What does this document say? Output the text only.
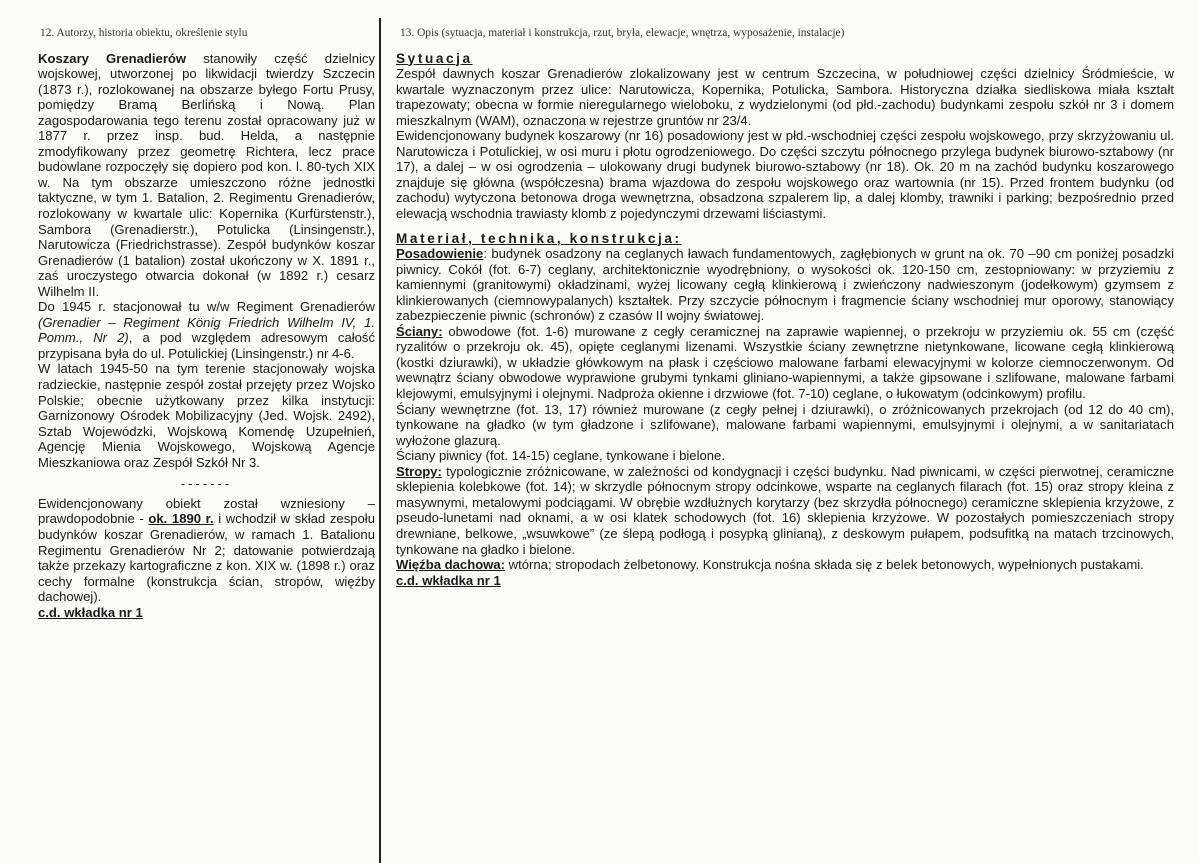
12. Autorzy, historia obiektu, określenie stylu

Koszary Grenadierów stanowiły część dzielnicy wojskowej, utworzonej po likwidacji twierdzy Szczecin (1873 r.), rozlokowanej na obszarze byłego Fortu Prusy, pomiędzy Bramą Berlińską i Nową. Plan zagospodarowania tego terenu został opracowany już w 1877 r. przez insp. bud. Helda, a następnie zmodyfikowany przez geometrę Richtera, lecz prace budowlane rozpoczęły się dopiero pod kon. l. 80-tych XIX w. Na tym obszarze umieszczono różne jednostki taktyczne, w tym 1. Batalion, 2. Regimentu Grenadierów, rozlokowany w kwartale ulic: Kopernika (Kurfürstenstr.), Sambora (Grenadierstr.), Potulicka (Linsingenstr.), Narutowicza (Friedrichstrasse). Zespół budynków koszar Grenadierów (1 batalion) został ukończony w X. 1891 r., zaś uroczystego otwarcia dokonał (w 1892 r.) cesarz Wilhelm II.

Do 1945 r. stacjonował tu w/w Regiment Grenadierów (Grenadier – Regiment König Friedrich Wilhelm IV, 1. Pomm., Nr 2), a pod względem adresowym całość przypisana była do ul. Potulickiej (Linsingenstr.) nr 4-6.

W latach 1945-50 na tym terenie stacjonowały wojska radzieckie, następnie zespół został przejęty przez Wojsko Polskie; obecnie użytkowany przez kilka instytucji: Garnizonowy Ośrodek Mobilizacyjny (Jed. Wojsk. 2492), Sztab Wojewódzki, Wojskową Komendę Uzupełnień, Agencję Mienia Wojskowego, Wojskową Agencje Mieszkaniowa oraz Zespół Szkół Nr 3.

-------

Ewidencjonowany obiekt został wzniesiony – prawdopodobnie - ok. 1890 r. i wchodził w skład zespołu budynków koszar Grenadierów, w ramach 1. Batalionu Regimentu Grenadierów Nr 2; datowanie potwierdzają także przekazy kartograficzne z kon. XIX w. (1898 r.) oraz cechy formalne (konstrukcja ścian, stropów, więźby dachowej).

c.d. wkładka nr 1
13. Opis (sytuacja, materiał i konstrukcja, rzut, bryła, elewacje, wnętrza, wyposażenie, instalacje)
Sytuacja

Zespół dawnych koszar Grenadierów zlokalizowany jest w centrum Szczecina, w południowej części dzielnicy Śródmieście, w kwartale wyznaczonym przez ulice: Narutowicza, Kopernika, Potulicka, Sambora. Historyczna działka siedliskowa miała kształt trapezowaty; obecna w formie nieregularnego wieloboku, z wydzielonymi (od płd.-zachodu) budynkami zespołu szkół nr 3 i domem mieszkalnym (WAM), oznaczona w rejestrze gruntów nr 23/4.

Ewidencjonowany budynek koszarowy (nr 16) posadowiony jest w płd.-wschodniej części zespołu wojskowego, przy skrzyżowaniu ul. Narutowicza i Potulickiej, w osi muru i płotu ogrodzeniowego. Do części szczytu północnego przylega budynek biurowo-sztabowy (nr 17), a dalej – w osi ogrodzenia – ulokowany drugi budynek biurowo-sztabowy (nr 18). Ok. 20 m na zachód budynku koszarowego znajduje się główna (współczesna) brama wjazdowa do zespołu wojskowego oraz wartownia (nr 15). Przed frontem budynku (od zachodu) wytyczona betonowa droga wewnętrzna, obsadzona szpalerem lip, a dalej klomby, trawniki i parking; bezpośrednio przed elewacją wschodnia trawiasty klomb z pojedynczymi drzewami liściastymi.

Materiał, technika, konstrukcja:

Posadowienie: budynek osadzony na ceglanych ławach fundamentowych, zagłębionych w grunt na ok. 70 –90 cm poniżej posadzki piwnicy. Cokół (fot. 6-7) ceglany, architektonicznie wyodrębniony, o wysokości ok. 120-150 cm, zestopniowany: w przyziemiu z kamiennymi (granitowymi) okładzinami, wyżej licowany cegłą klinkierową i zwieńczony nadwieszonym (jodełkowym) gzymsem z klinkierowanych (ciemnowypalanych) kształtek. Przy szczycie północnym i fragmencie ściany wschodniej mur oporowy, stanowiący zabezpieczenie piwnic (schronów) z czasów II wojny światowej.

Ściany: obwodowe (fot. 1-6) murowane z cegły ceramicznej na zaprawie wapiennej, o przekroju w przyziemiu ok. 55 cm (część ryzalitów o przekroju ok. 45), opięte ceglanymi lizenami. Wszystkie ściany zewnętrzne nietynkowane, licowane cegłą klinkierową (kostki dziurawki), w układzie główkowym na płask i częściowo malowane farbami elewacyjnymi w kolorze ciemnoczerwonym. Od wewnątrz ściany obwodowe wyprawione grubymi tynkami gliniano-wapiennymi, a także gipsowane i szlifowane, malowane farbami klejowymi, emulsyjnymi i olejnymi. Nadproża okienne i drzwiowe (fot. 7-10) ceglane, o łukowatym (odcinkowym) profilu.

Ściany wewnętrzne (fot. 13, 17) również murowane (z cegły pełnej i dziurawki), o zróżnicowanych przekrojach (od 12 do 40 cm), tynkowane na gładko (w tym gładzone i szlifowane), malowane farbami wapiennymi, emulsyjnymi i olejnymi, a w sanitariatach wyłożone glazurą.

Ściany piwnicy (fot. 14-15) ceglane, tynkowane i bielone.

Stropy: typologicznie zróżnicowane, w zależności od kondygnacji i części budynku. Nad piwnicami, w części pierwotnej, ceramiczne sklepienia kolebkowe (fot. 14); w skrzydle północnym stropy odcinkowe, wsparte na ceglanych filarach (fot. 15) oraz stropy kleina z masywnymi, metalowymi podciągami. W obrębie wzdłużnych korytarzy (bez skrzydła północnego) ceramiczne sklepienia krzyżowe, z pseudo-lunetami nad oknami, a w osi klatek schodowych (fot. 16) sklepienia krzyżowe. W pozostałych pomieszczeniach stropy drewniane, belkowe, „wsuwkowe” (ze ślepą podłogą i posypką glinianą), z deskowym pułapem, podsufitką na matach trzcinowych, tynkowane na gładko i bielone.

Więźba dachowa: wtórna; stropodach żelbetonowy. Konstrukcja nośna składa się z belek betonowych, wypełnionych pustakami.

c.d. wkładka nr 1
